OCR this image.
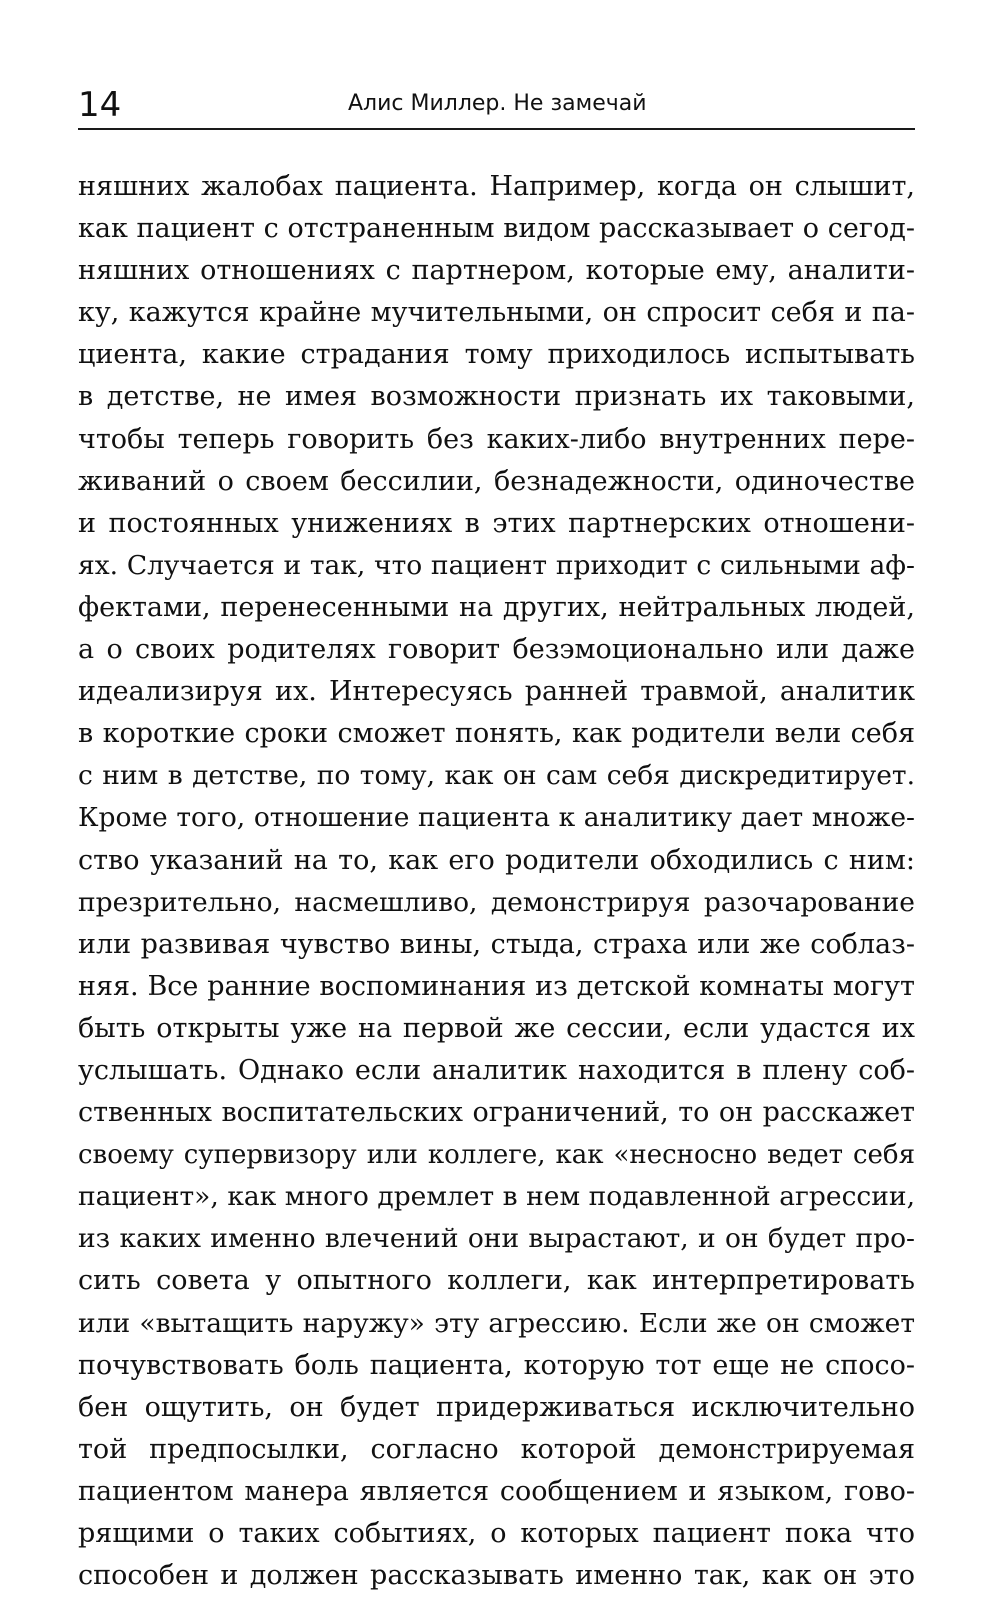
14	Алис Миллер. Не замечай
няшних жалобах пациента. Например, когда он слышит,
как пациент с отстраненным видом рассказывает о сегод-
няшних отношениях с партнером, которые ему, аналити-
ку, кажутся крайне мучительными, он спросит себя и па-
циента, какие страдания тому приходилось испытывать
в детстве, не имея возможности признать их таковыми,
чтобы теперь говорить без каких-либо внутренних пере-
живаний о своем бессилии, безнадежности, одиночестве
и постоянных унижениях в этих партнерских отношени-
ях. Случается и так, что пациент приходит с сильными аф-
фектами, перенесенными на других, нейтральных людей,
а о своих родителях говорит безэмоционально или даже
идеализируя их. Интересуясь ранней травмой, аналитик
в короткие сроки сможет понять, как родители вели себя
с ним в детстве, по тому, как он сам себя дискредитирует.
Кроме того, отношение пациента к аналитику дает множе-
ство указаний на то, как его родители обходились с ним:
презрительно, насмешливо, демонстрируя разочарование
или развивая чувство вины, стыда, страха или же соблаз-
няя. Все ранние воспоминания из детской комнаты могут
быть открыты уже на первой же сессии, если удастся их
услышать. Однако если аналитик находится в плену соб-
ственных воспитательских ограничений, то он расскажет
своему супервизору или коллеге, как «несносно ведет себя
пациент», как много дремлет в нем подавленной агрессии,
из каких именно влечений они вырастают, и он будет про-
сить совета у опытного коллеги, как интерпретировать
или «вытащить наружу» эту агрессию. Если же он сможет
почувствовать боль пациента, которую тот еще не спосо-
бен ощутить, он будет придерживаться исключительно
той предпосылки, согласно которой демонстрируемая
пациентом манера является сообщением и языком, гово-
рящими о таких событиях, о которых пациент пока что
способен и должен рассказывать именно так, как он это
